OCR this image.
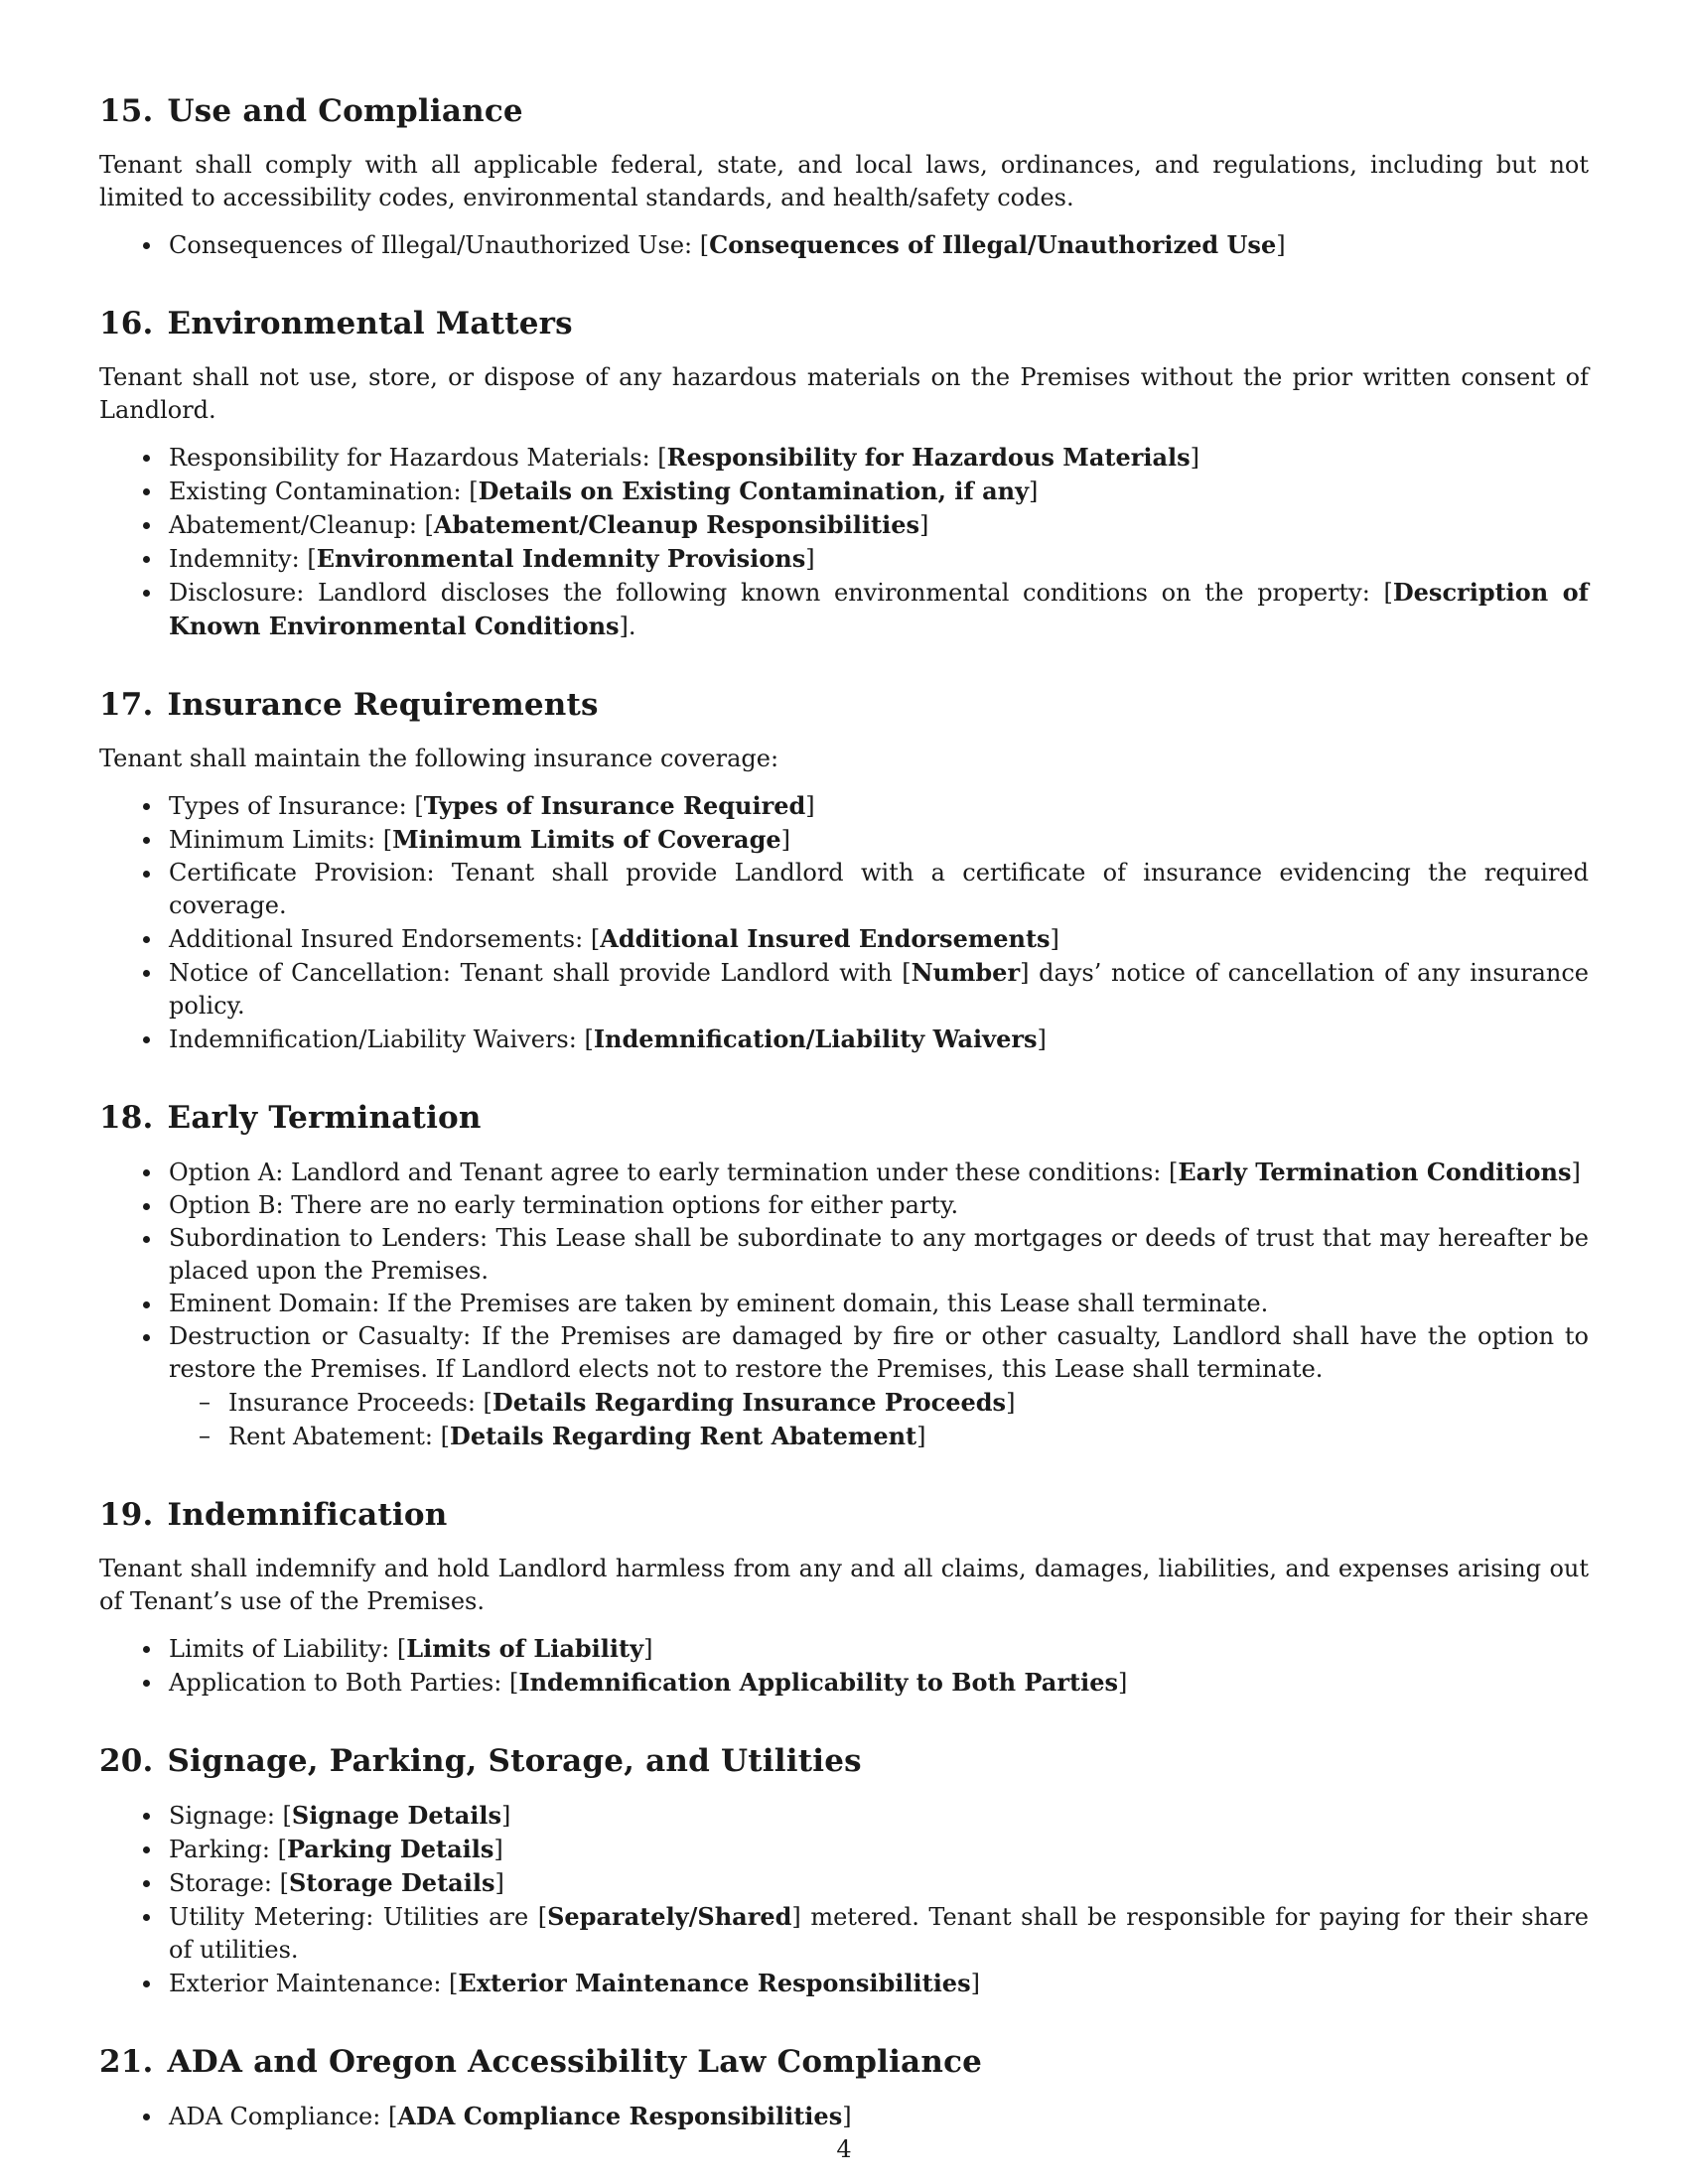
15. Use and Compliance

Tenant shall comply with all applicable federal, state, and local laws, ordinances, and regulations, including but not limited to accessibility codes, environmental standards, and health/safety codes.

Consequences of Illegal/Unauthorized Use: [Consequences of Illegal/Unauthorized Use]
16. Environmental Matters

Tenant shall not use, store, or dispose of any hazardous materials on the Premises without the prior written consent of Landlord.

Responsibility for Hazardous Materials: [Responsibility for Hazardous Materials]
Existing Contamination: [Details on Existing Contamination, if any]
Abatement/Cleanup: [Abatement/Cleanup Responsibilities]
Indemnity: [Environmental Indemnity Provisions]
Disclosure: Landlord discloses the following known environmental conditions on the property: [Description of Known Environmental Conditions].
17. Insurance Requirements

Tenant shall maintain the following insurance coverage:

Types of Insurance: [Types of Insurance Required]
Minimum Limits: [Minimum Limits of Coverage]
Certificate Provision: Tenant shall provide Landlord with a certificate of insurance evidencing the required coverage.
Additional Insured Endorsements: [Additional Insured Endorsements]
Notice of Cancellation: Tenant shall provide Landlord with [Number] days’ notice of cancellation of any insurance policy.
Indemnification/Liability Waivers: [Indemnification/Liability Waivers]
18. Early Termination
Option A: Landlord and Tenant agree to early termination under these conditions: [Early Termination Conditions]
Option B: There are no early termination options for either party.
Subordination to Lenders: This Lease shall be subordinate to any mortgages or deeds of trust that may hereafter be placed upon the Premises.
Eminent Domain: If the Premises are taken by eminent domain, this Lease shall terminate.
Destruction or Casualty: If the Premises are damaged by fire or other casualty, Landlord shall have the option to restore the Premises. If Landlord elects not to restore the Premises, this Lease shall terminate.
– Insurance Proceeds: [Details Regarding Insurance Proceeds]
– Rent Abatement: [Details Regarding Rent Abatement]
19. Indemnification

Tenant shall indemnify and hold Landlord harmless from any and all claims, damages, liabilities, and expenses arising out of Tenant’s use of the Premises.

Limits of Liability: [Limits of Liability]
Application to Both Parties: [Indemnification Applicability to Both Parties]
20. Signage, Parking, Storage, and Utilities
Signage: [Signage Details]
Parking: [Parking Details]
Storage: [Storage Details]
Utility Metering: Utilities are [Separately/Shared] metered. Tenant shall be responsible for paying for their share of utilities.
Exterior Maintenance: [Exterior Maintenance Responsibilities]
21. ADA and Oregon Accessibility Law Compliance
ADA Compliance: [ADA Compliance Responsibilities]
4
